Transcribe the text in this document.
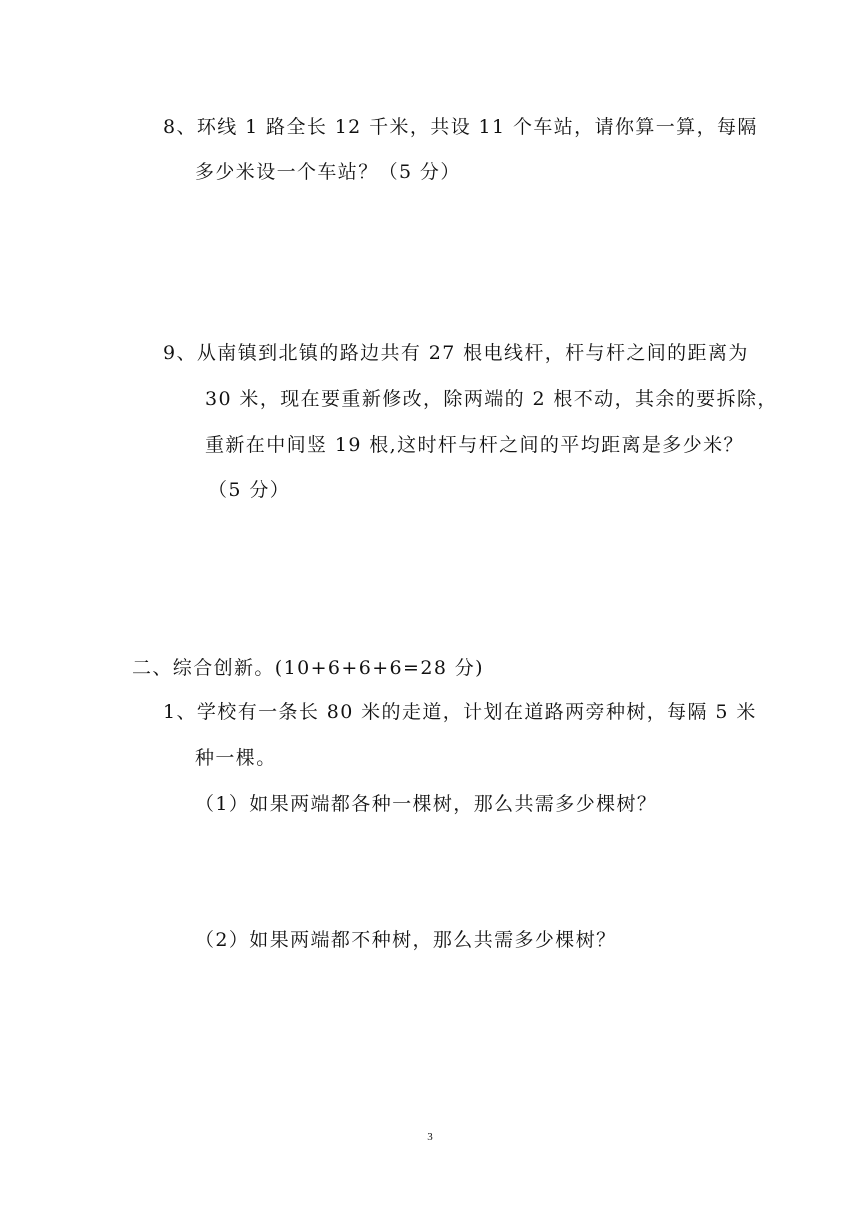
8、环线 1 路全长 12 千米，共设 11 个车站，请你算一算，每隔
多少米设一个车站？（5 分）
9、从南镇到北镇的路边共有 27 根电线杆，杆与杆之间的距离为
30 米，现在要重新修改，除两端的 2 根不动，其余的要拆除，
重新在中间竖 19 根,这时杆与杆之间的平均距离是多少米？
（5 分）
二、综合创新。(10+6+6+6=28 分)
1、学校有一条长 80 米的走道，计划在道路两旁种树，每隔 5 米
种一棵。
（1）如果两端都各种一棵树，那么共需多少棵树？
（2）如果两端都不种树，那么共需多少棵树？
3
